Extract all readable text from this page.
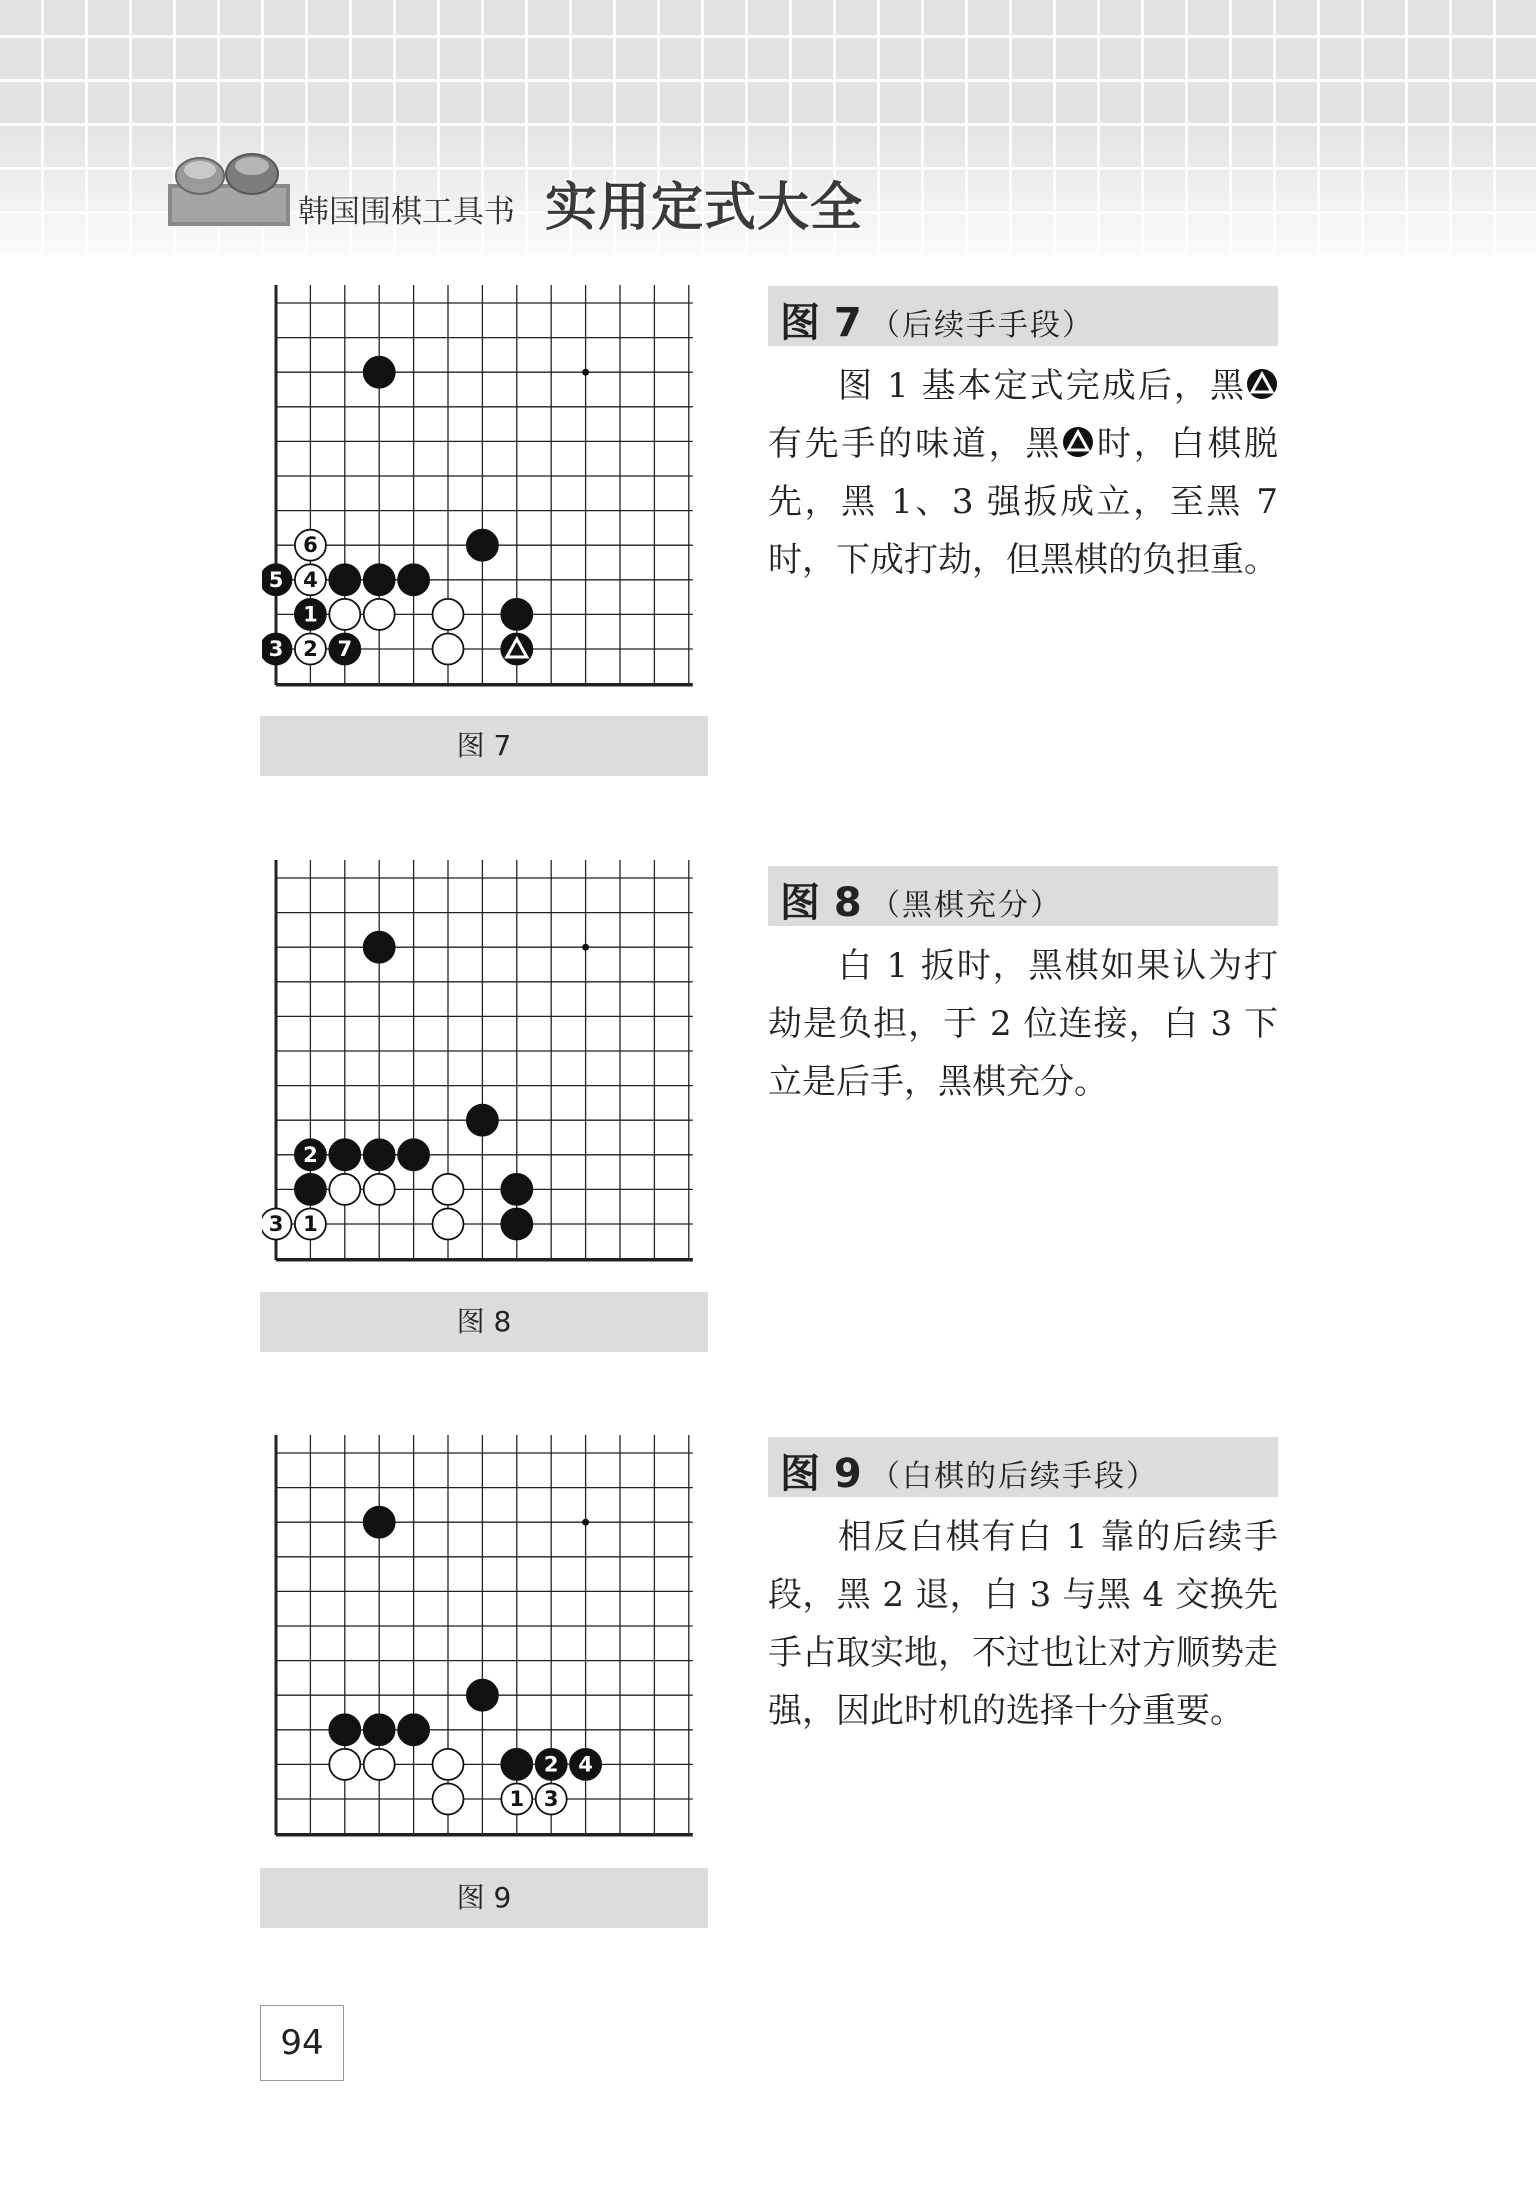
韩国围棋工具书 实用定式大全
1
3 2 7
6
5 4
图 7
图 7 （后续手手段）
图 1 基本定式完成后，黑有先手的味道，黑 时，白棋脱先，黑 1、3 强扳成立，至黑 7 时，下成打劫，但黑棋的负担重。
2
3 1
图 8
图 8 （黑棋充分）
白 1 扳时，黑棋如果认为打劫是负担，于 2 位连接，白 3 下立是后手，黑棋充分。
2 4
1 3
图 9
图 9 （白棋的后续手段）
相反白棋有白 1 靠的后续手段，黑 2 退，白 3 与黑 4 交换先手占取实地，不过也让对方顺势走强，因此时机的选择十分重要。
94
